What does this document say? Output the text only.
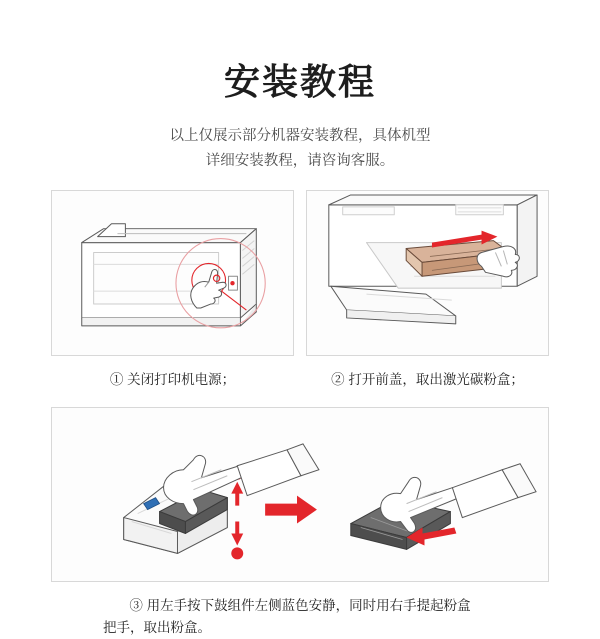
安装教程
以上仅展示部分机器安装教程，具体机型
详细安装教程，请咨询客服。
① 关闭打印机电源；	② 打开前盖，取出激光碳粉盒；
③ 用左手按下鼓组件左侧蓝色安静，同时用右手提起粉盒
把手，取出粉盒。
